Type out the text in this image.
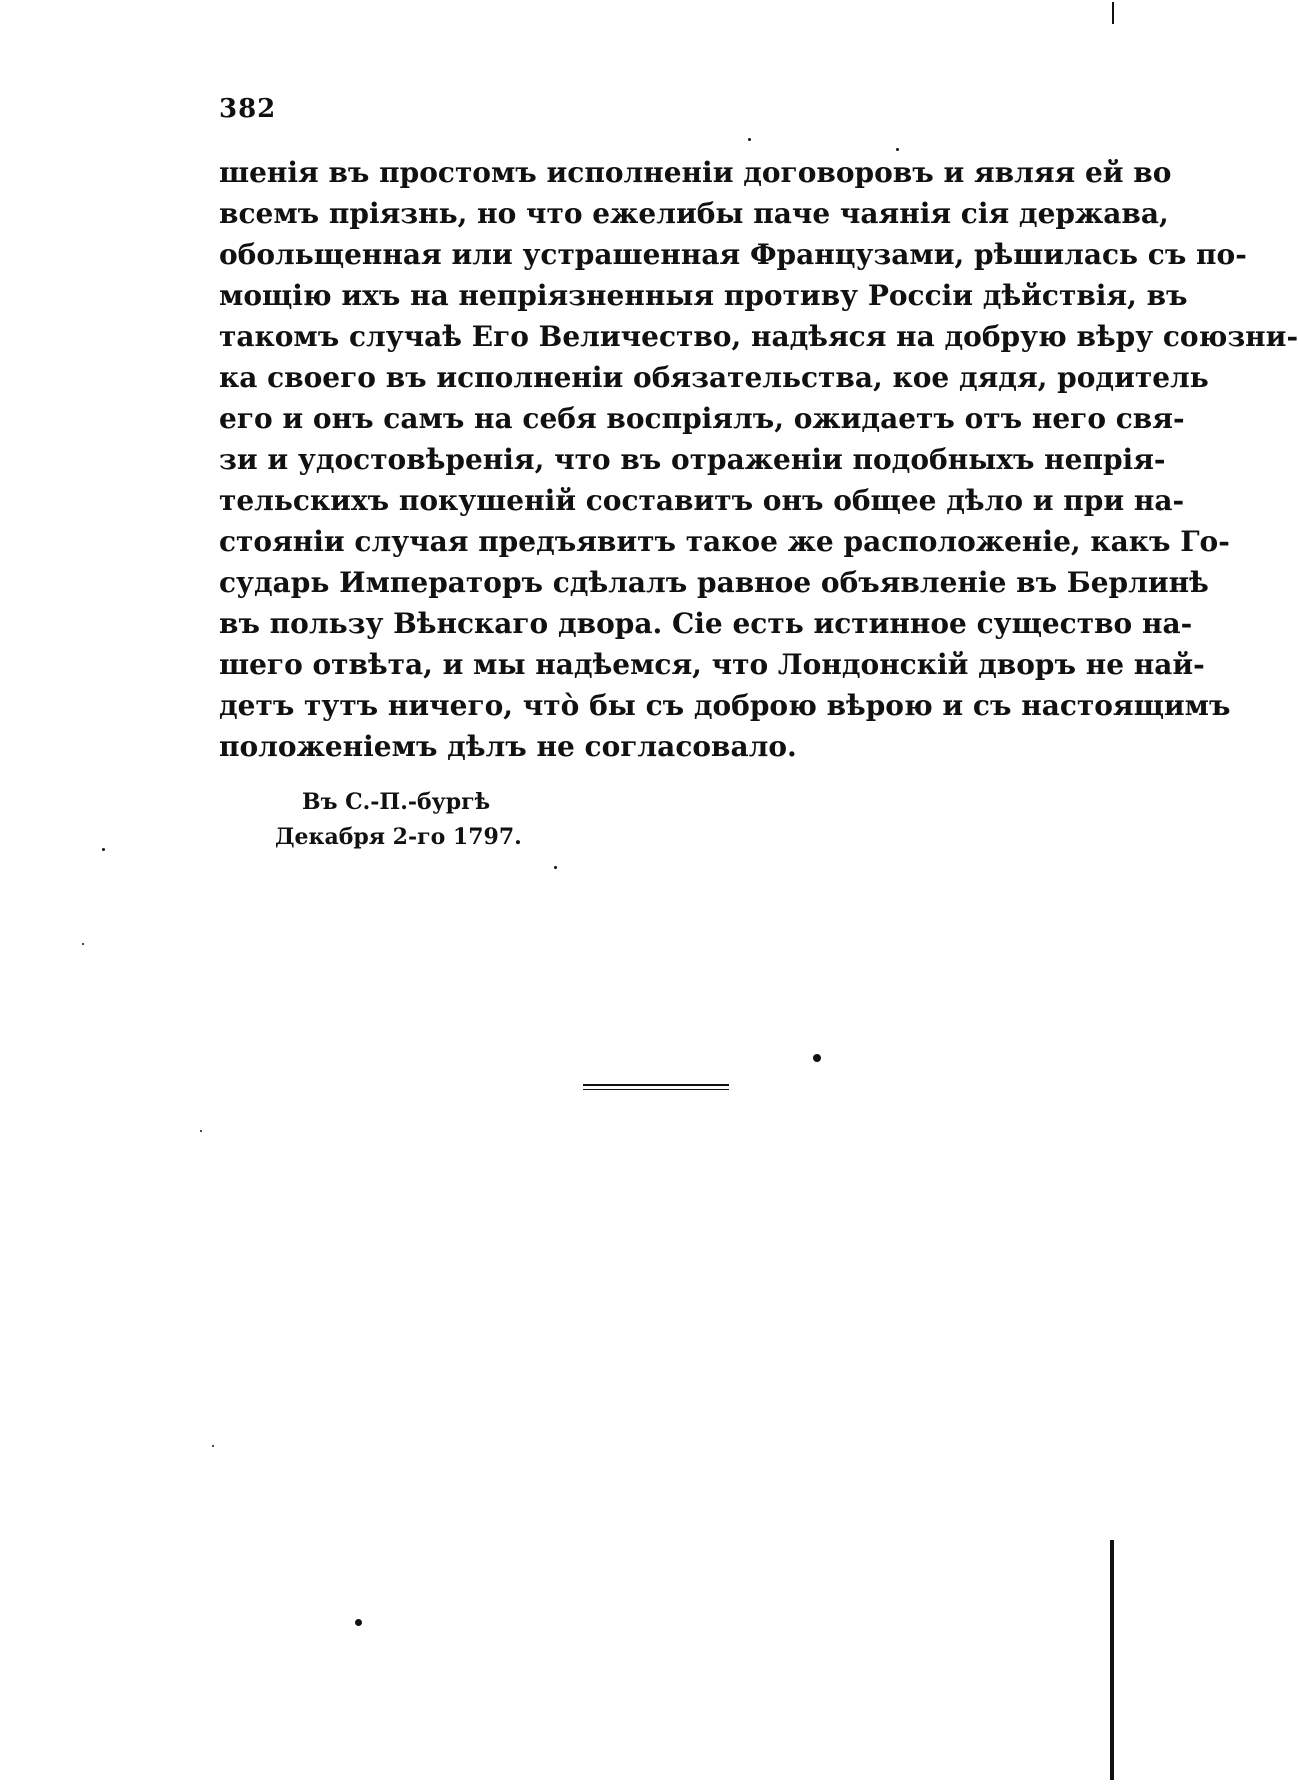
382
шенія въ простомъ исполненіи договоровъ и являя ей во
всемъ пріязнь, но что ежелибы паче чаянія сія держава,
обольщенная или устрашенная Французами, рѣшилась съ по-
мощію ихъ на непріязненныя противу Россіи дѣйствія, въ
такомъ случаѣ Его Величество, надѣяся на добрую вѣру союзни-
ка своего въ исполненіи обязательства, кое дядя, родитель
его и онъ самъ на себя воспріялъ, ожидаетъ отъ него свя-
зи и удостовѣренія, что въ отраженіи подобныхъ непрія-
тельскихъ покушеній составитъ онъ общее дѣло и при на-
стояніи случая предъявитъ такое же расположеніе, какъ Го-
сударь Императоръ сдѣлалъ равное объявленіе въ Берлинѣ
въ пользу Вѣнскаго двора. Сіе есть истинное существо на-
шего отвѣта, и мы надѣемся, что Лондонскій дворъ не най-
детъ тутъ ничего, чтò бы съ доброю вѣрою и съ настоящимъ
положеніемъ дѣлъ не согласовало.
Въ С.-П.-бургѣ
Декабря 2-го 1797.
